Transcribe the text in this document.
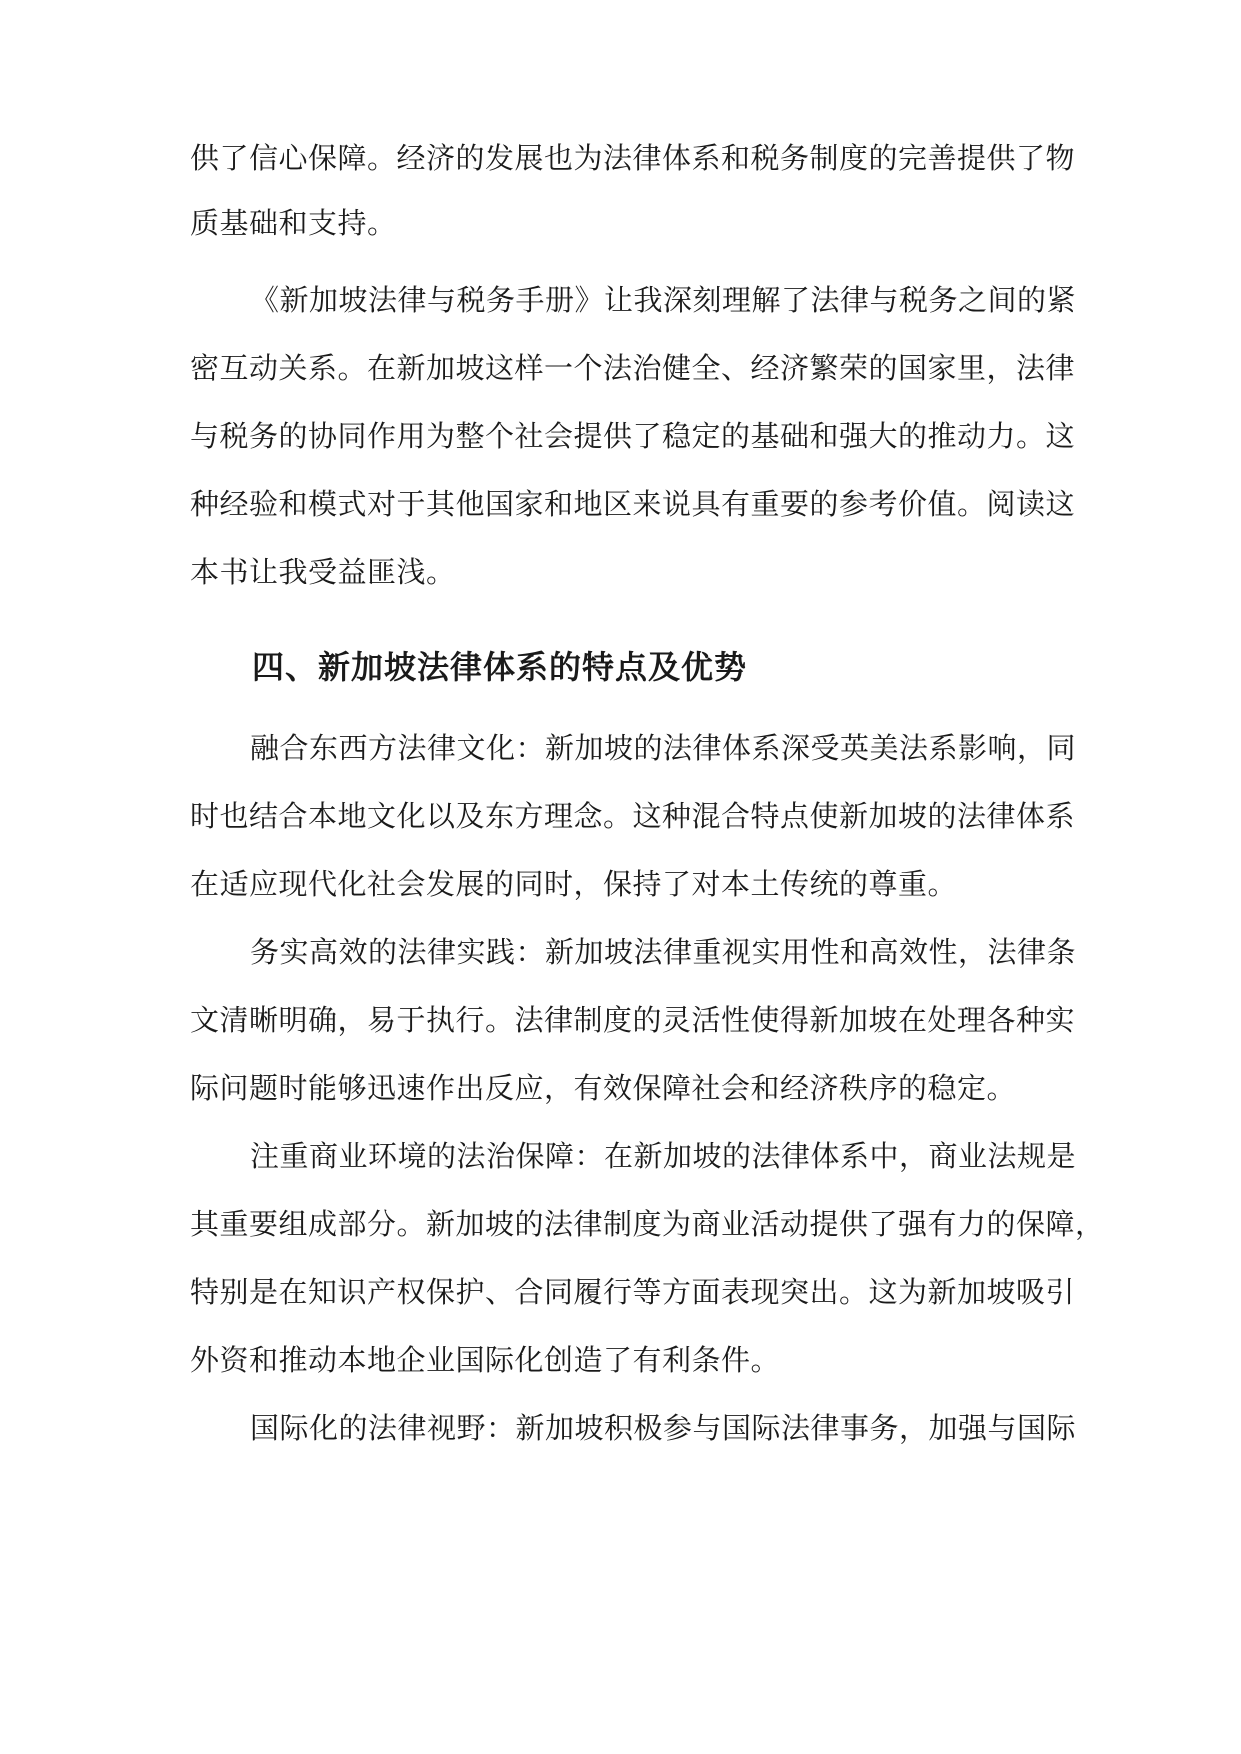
供了信心保障。经济的发展也为法律体系和税务制度的完善提供了物
质基础和支持。
《新加坡法律与税务手册》让我深刻理解了法律与税务之间的紧
密互动关系。在新加坡这样一个法治健全、经济繁荣的国家里，法律
与税务的协同作用为整个社会提供了稳定的基础和强大的推动力。这
种经验和模式对于其他国家和地区来说具有重要的参考价值。阅读这
本书让我受益匪浅。
四、新加坡法律体系的特点及优势
融合东西方法律文化：新加坡的法律体系深受英美法系影响，同
时也结合本地文化以及东方理念。这种混合特点使新加坡的法律体系
在适应现代化社会发展的同时，保持了对本土传统的尊重。
务实高效的法律实践：新加坡法律重视实用性和高效性，法律条
文清晰明确，易于执行。法律制度的灵活性使得新加坡在处理各种实
际问题时能够迅速作出反应，有效保障社会和经济秩序的稳定。
注重商业环境的法治保障：在新加坡的法律体系中，商业法规是
其重要组成部分。新加坡的法律制度为商业活动提供了强有力的保障，
特别是在知识产权保护、合同履行等方面表现突出。这为新加坡吸引
外资和推动本地企业国际化创造了有利条件。
国际化的法律视野：新加坡积极参与国际法律事务，加强与国际
